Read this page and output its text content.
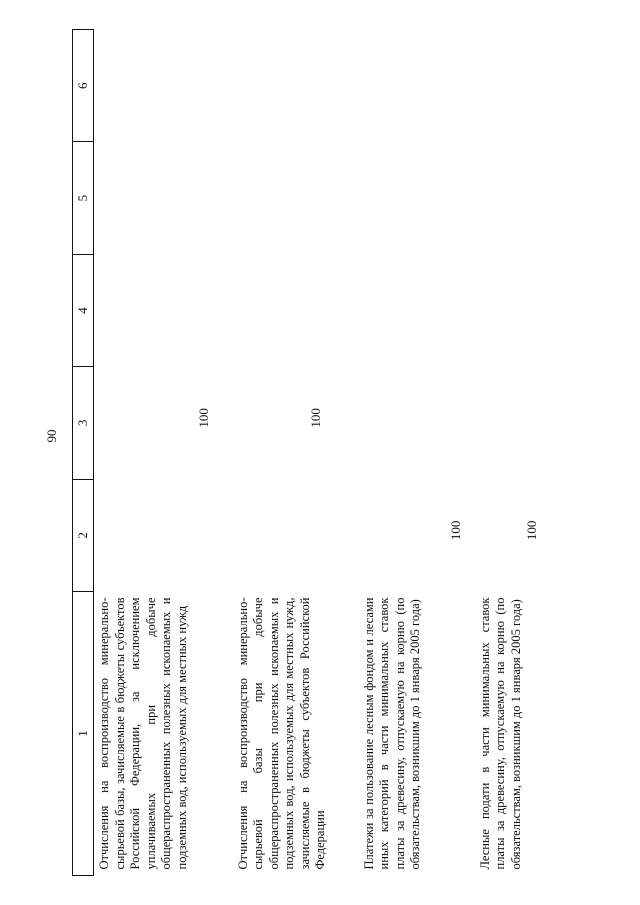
90
1	2	3	4	5	6

Отчисления на воспроизводство минерально-сырьевой базы, зачисляемые в бюджеты субъектов Российской Федерации, за исключением уплачиваемых при добыче общераспространенных полезных ископаемых и подземных вод, используемых для местных нужд		100			

Отчисления на воспроизводство минерально-сырьевой базы при добыче общераспространенных полезных ископаемых и подземных вод, используемых для местных нужд, зачисляемые в бюджеты субъектов Российской Федерации		100			

Платежи за пользование лесным фондом и лесами иных категорий в части минимальных ставок платы за древесину, отпускаемую на корню (по обязательствам, возникшим до 1 января 2005 года)	100				

Лесные подати в части минимальных ставок платы за древесину, отпускаемую на корню (по обязательствам, возникшим до 1 января 2005 года)	100				
